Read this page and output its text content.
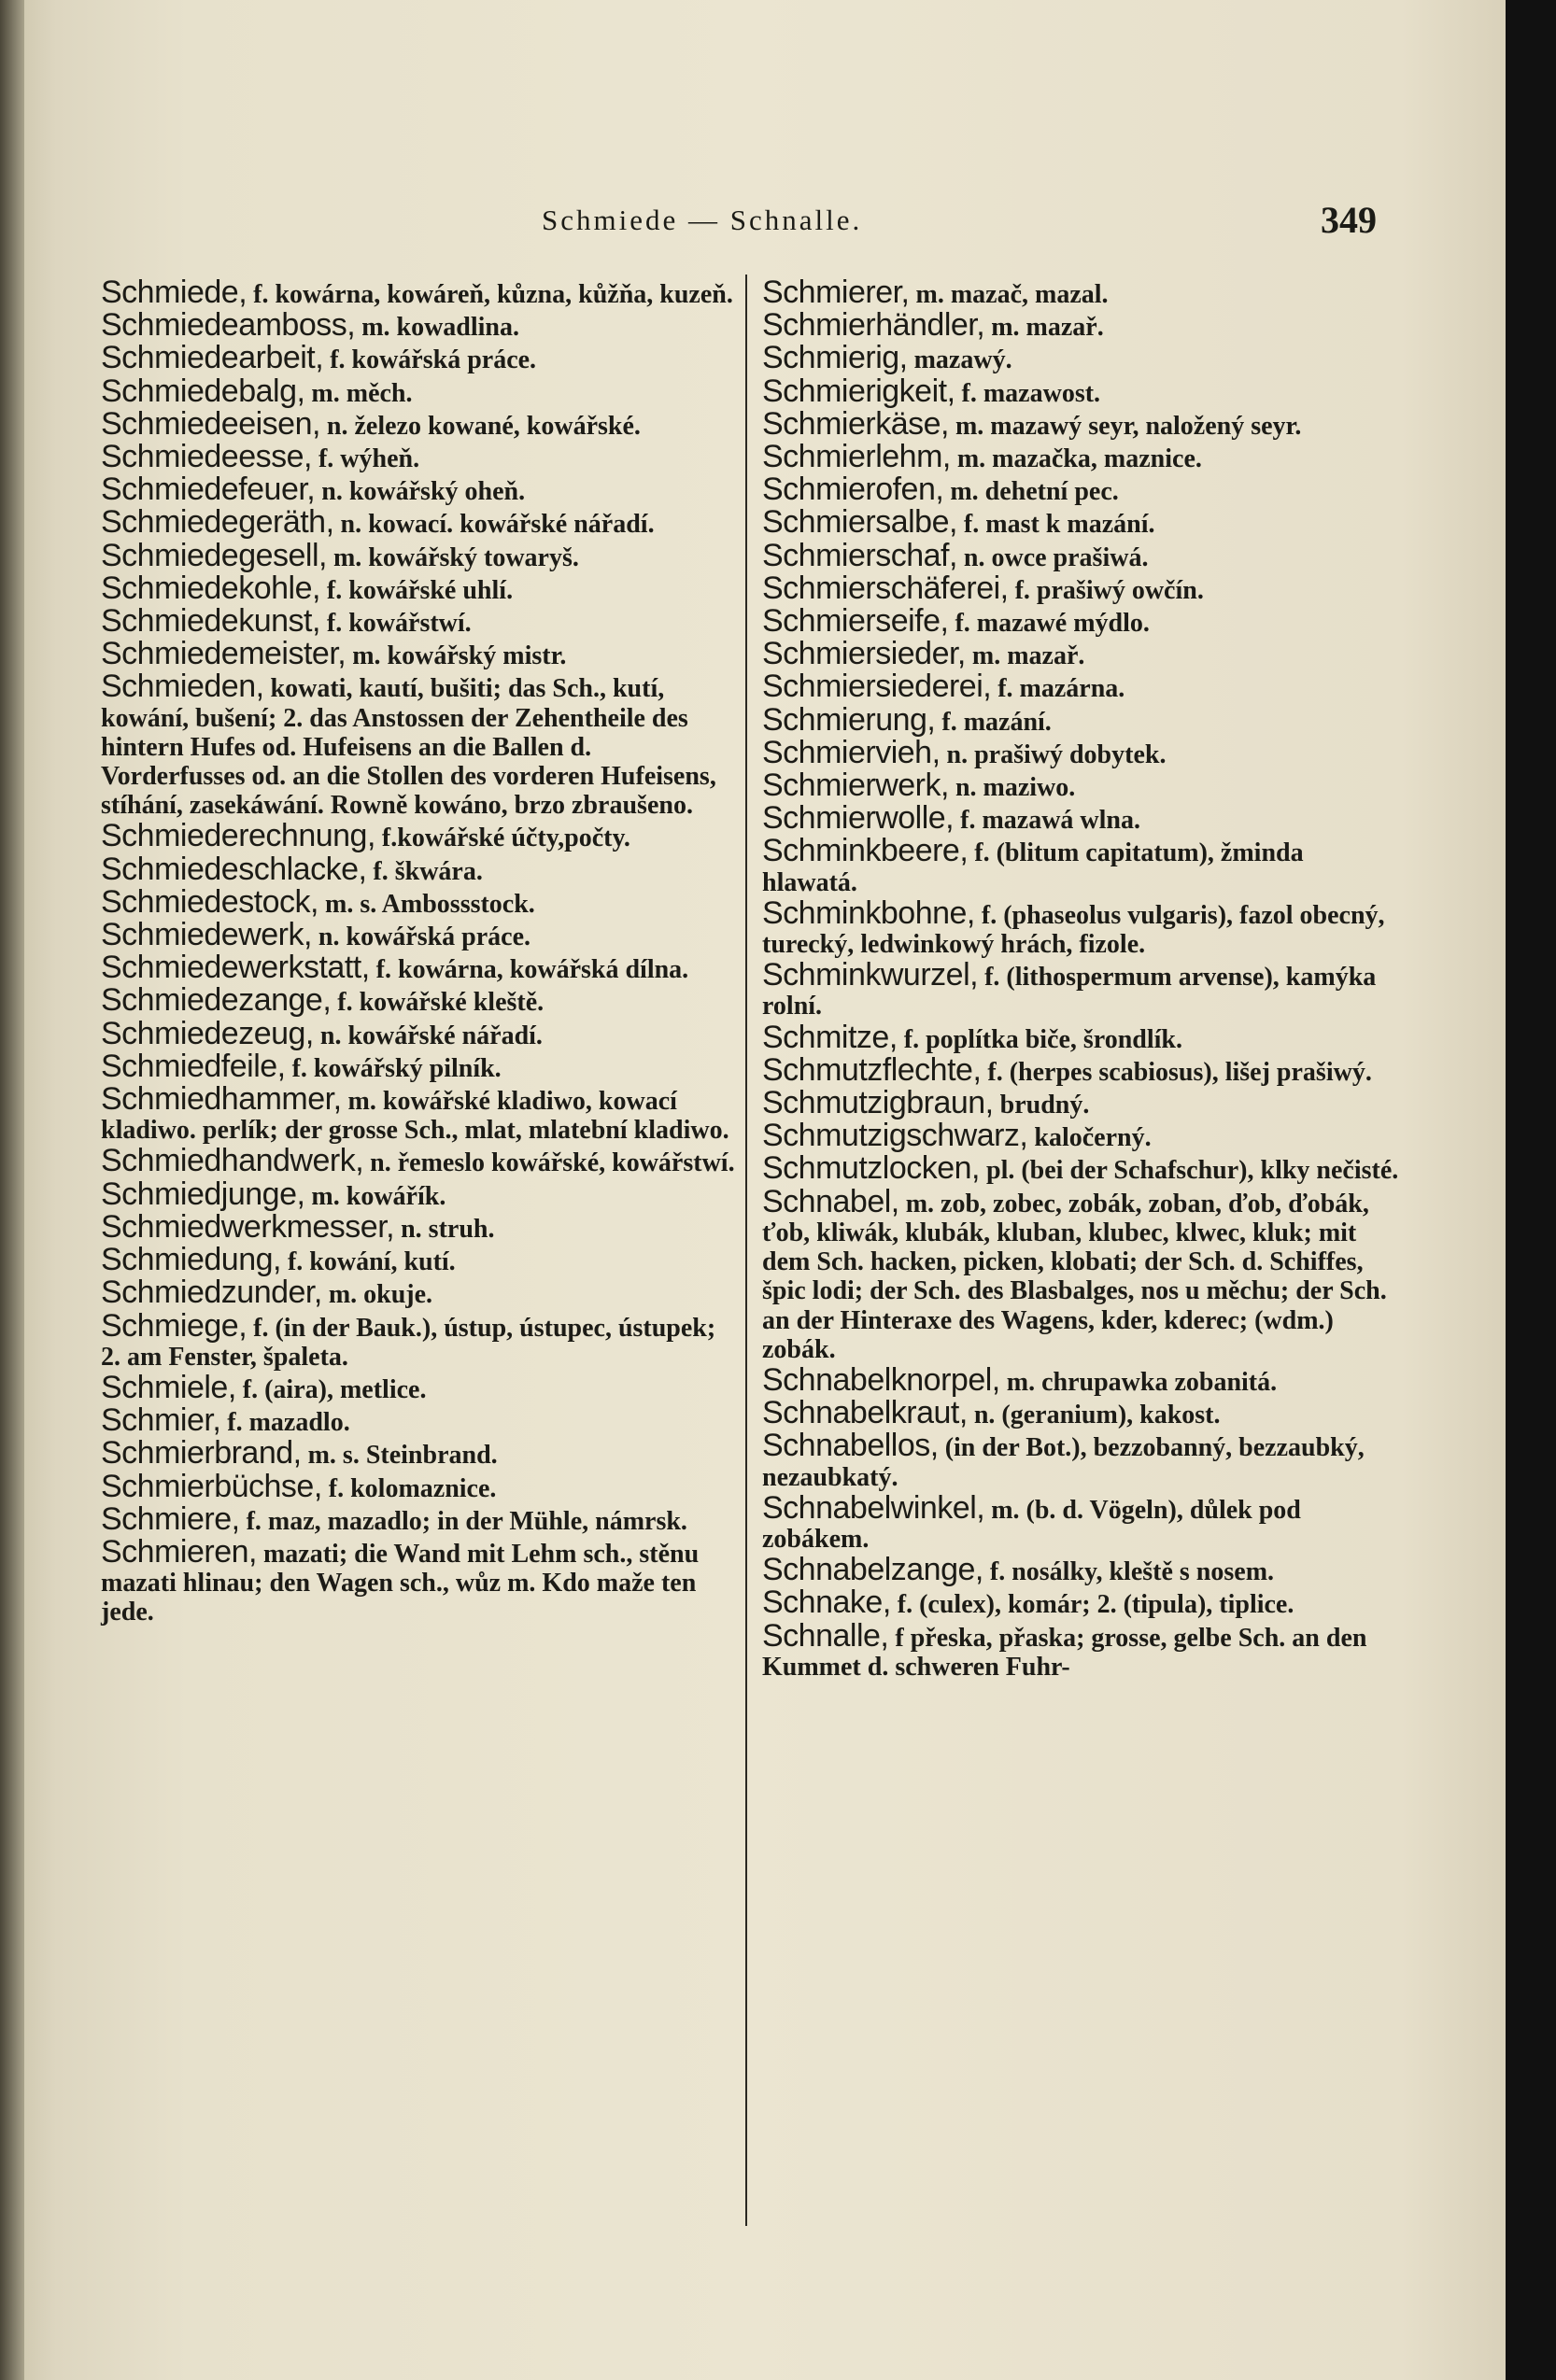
Schmiede — Schnalle.	349

Schmiede, f. kowárna, kowáreň, kůzna, kůžňa, kuzeň.

Schmiedeamboss, m. kowadlina.

Schmiedearbeit, f. kowářská práce.

Schmiedebalg, m. měch.

Schmiedeeisen, n. železo kowané, kowářské.

Schmiedeesse, f. wýheň.

Schmiedefeuer, n. kowářský oheň.

Schmiedegeräth, n. kowací. kowářské nářadí.

Schmiedegesell, m. kowářský towaryš.

Schmiedekohle, f. kowářské uhlí.

Schmiedekunst, f. kowářstwí.

Schmiedemeister, m. kowářský mistr.

Schmieden, kowati, kautí, bušiti; das Sch., kutí, kowání, bušení; 2. das Anstossen der Zehentheile des hintern Hufes od. Hufeisens an die Ballen d. Vorderfusses od. an die Stollen des vorderen Hufeisens, stíhání, zasekáwání. Rowně kowáno, brzo zbraušeno.

Schmiederechnung, f.kowářské účty,počty.

Schmiedeschlacke, f. škwára.

Schmiedestock, m. s. Ambossstock.

Schmiedewerk, n. kowářská práce.

Schmiedewerkstatt, f. kowárna, kowářská dílna.

Schmiedezange, f. kowářské kleště.

Schmiedezeug, n. kowářské nářadí.

Schmiedfeile, f. kowářský pilník.

Schmiedhammer, m. kowářské kladiwo, kowací kladiwo. perlík; der grosse Sch., mlat, mlatební kladiwo.

Schmiedhandwerk, n. řemeslo kowářské, kowářstwí.

Schmiedjunge, m. kowářík.

Schmiedwerkmesser, n. struh.

Schmiedung, f. kowání, kutí.

Schmiedzunder, m. okuje.

Schmiege, f. (in der Bauk.), ústup, ústupec, ústupek; 2. am Fenster, špaleta.

Schmiele, f. (aira), metlice.

Schmier, f. mazadlo.

Schmierbrand, m. s. Steinbrand.

Schmierbüchse, f. kolomaznice.

Schmiere, f. maz, mazadlo; in der Mühle, námrsk.

Schmieren, mazati; die Wand mit Lehm sch., stěnu mazati hlinau; den Wagen sch., wůz m. Kdo maže ten jede.

Schmierer, m. mazač, mazal.

Schmierhändler, m. mazař.

Schmierig, mazawý.

Schmierigkeit, f. mazawost.

Schmierkäse, m. mazawý seyr, naložený seyr.

Schmierlehm, m. mazačka, maznice.

Schmierofen, m. dehetní pec.

Schmiersalbe, f. mast k mazání.

Schmierschaf, n. owce prašiwá.

Schmierschäferei, f. prašiwý owčín.

Schmierseife, f. mazawé mýdlo.

Schmiersieder, m. mazař.

Schmiersiederei, f. mazárna.

Schmierung, f. mazání.

Schmiervieh, n. prašiwý dobytek.

Schmierwerk, n. maziwo.

Schmierwolle, f. mazawá wlna.

Schminkbeere, f. (blitum capitatum), žminda hlawatá.

Schminkbohne, f. (phaseolus vulgaris), fazol obecný, turecký, ledwinkowý hrách, fizole.

Schminkwurzel, f. (lithospermum arvense), kamýka rolní.

Schmitze, f. poplítka biče, šrondlík.

Schmutzflechte, f. (herpes scabiosus), lišej prašiwý.

Schmutzigbraun, brudný.

Schmutzigschwarz, kaločerný.

Schmutzlocken, pl. (bei der Schafschur), klky nečisté.

Schnabel, m. zob, zobec, zobák, zoban, ďob, ďobák, ťob, kliwák, klubák, kluban, klubec, klwec, kluk; mit dem Sch. hacken, picken, klobati; der Sch. d. Schiffes, špic lodi; der Sch. des Blasbalges, nos u měchu; der Sch. an der Hinteraxe des Wagens, kder, kderec; (wdm.) zobák.

Schnabelknorpel, m. chrupawka zobanitá.

Schnabelkraut, n. (geranium), kakost.

Schnabellos, (in der Bot.), bezzobanný, bezzaubký, nezaubkatý.

Schnabelwinkel, m. (b. d. Vögeln), důlek pod zobákem.

Schnabelzange, f. nosálky, kleště s nosem.

Schnake, f. (culex), komár; 2. (tipula), tiplice.

Schnalle, f přeska, přaska; grosse, gelbe Sch. an den Kummet d. schweren Fuhr-
